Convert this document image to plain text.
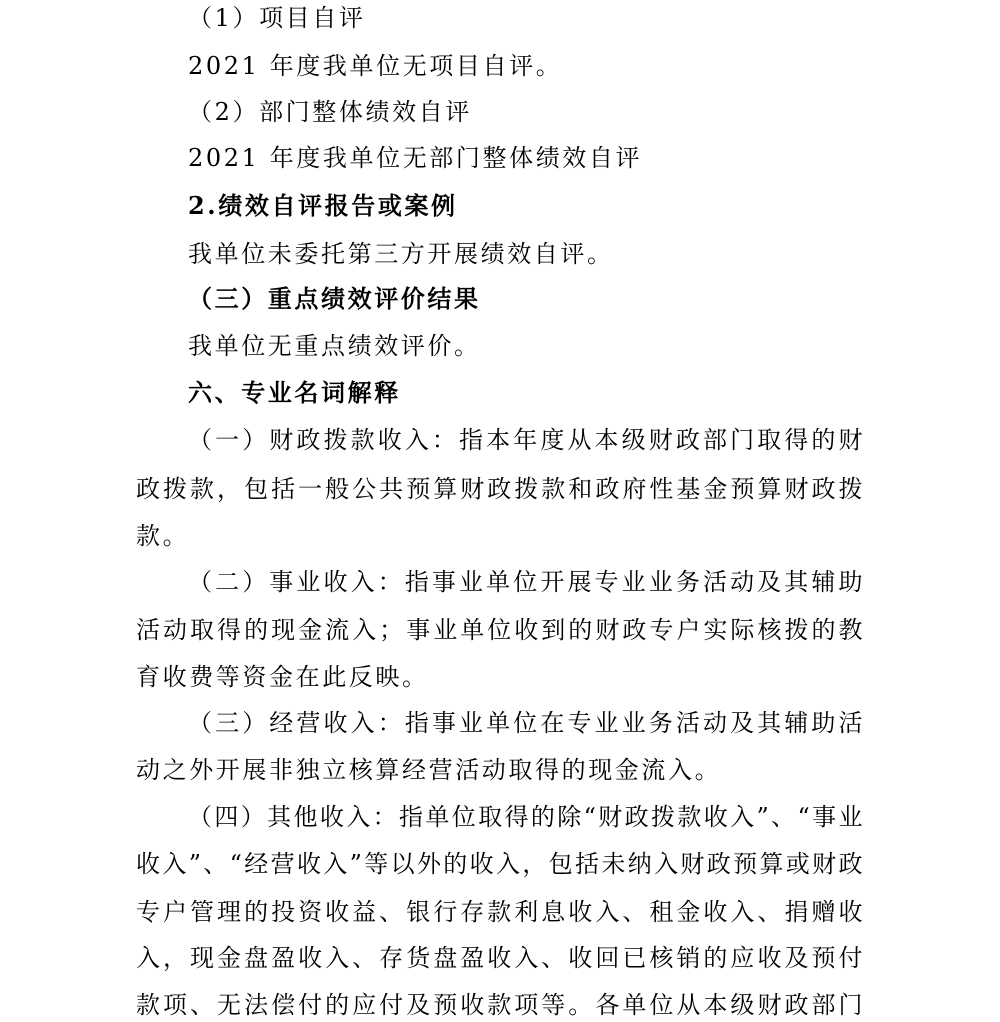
（1）项目自评
2021 年度我单位无项目自评。
（2）部门整体绩效自评
2021 年度我单位无部门整体绩效自评
2.绩效自评报告或案例
我单位未委托第三方开展绩效自评。
（三）重点绩效评价结果
我单位无重点绩效评价。
六、专业名词解释
（一）财政拨款收入：指本年度从本级财政部门取得的财
政拨款，包括一般公共预算财政拨款和政府性基金预算财政拨
款。
（二）事业收入：指事业单位开展专业业务活动及其辅助
活动取得的现金流入；事业单位收到的财政专户实际核拨的教
育收费等资金在此反映。
（三）经营收入：指事业单位在专业业务活动及其辅助活
动之外开展非独立核算经营活动取得的现金流入。
（四）其他收入：指单位取得的除“财政拨款收入”、“事业
收入”、“经营收入”等以外的收入，包括未纳入财政预算或财政
专户管理的投资收益、银行存款利息收入、租金收入、捐赠收
入，现金盘盈收入、存货盘盈收入、收回已核销的应收及预付
款项、无法偿付的应付及预收款项等。各单位从本级财政部门
